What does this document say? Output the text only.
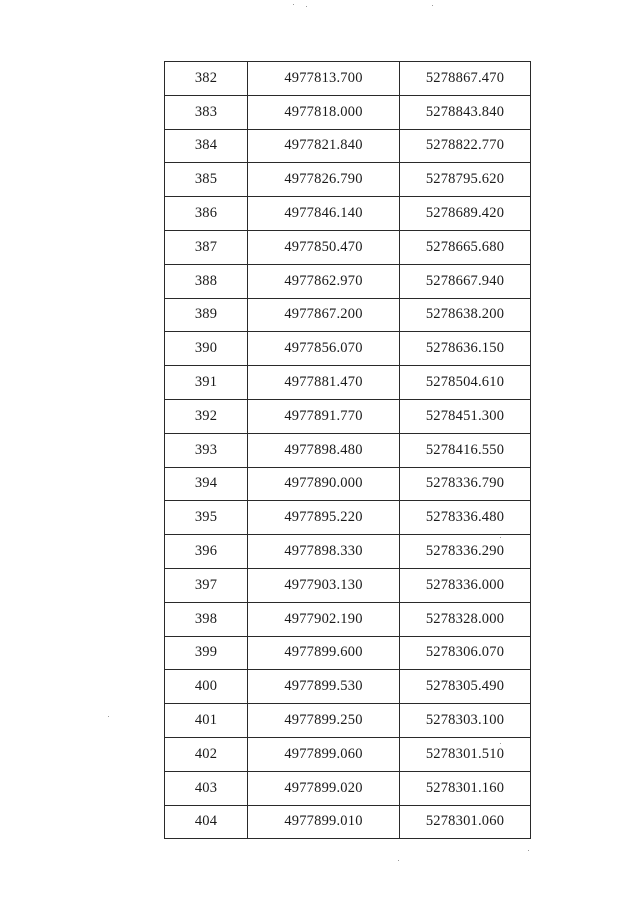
382	4977813.700	5278867.470
383	4977818.000	5278843.840
384	4977821.840	5278822.770
385	4977826.790	5278795.620
386	4977846.140	5278689.420
387	4977850.470	5278665.680
388	4977862.970	5278667.940
389	4977867.200	5278638.200
390	4977856.070	5278636.150
391	4977881.470	5278504.610
392	4977891.770	5278451.300
393	4977898.480	5278416.550
394	4977890.000	5278336.790
395	4977895.220	5278336.480
396	4977898.330	5278336.290
397	4977903.130	5278336.000
398	4977902.190	5278328.000
399	4977899.600	5278306.070
400	4977899.530	5278305.490
401	4977899.250	5278303.100
402	4977899.060	5278301.510
403	4977899.020	5278301.160
404	4977899.010	5278301.060
